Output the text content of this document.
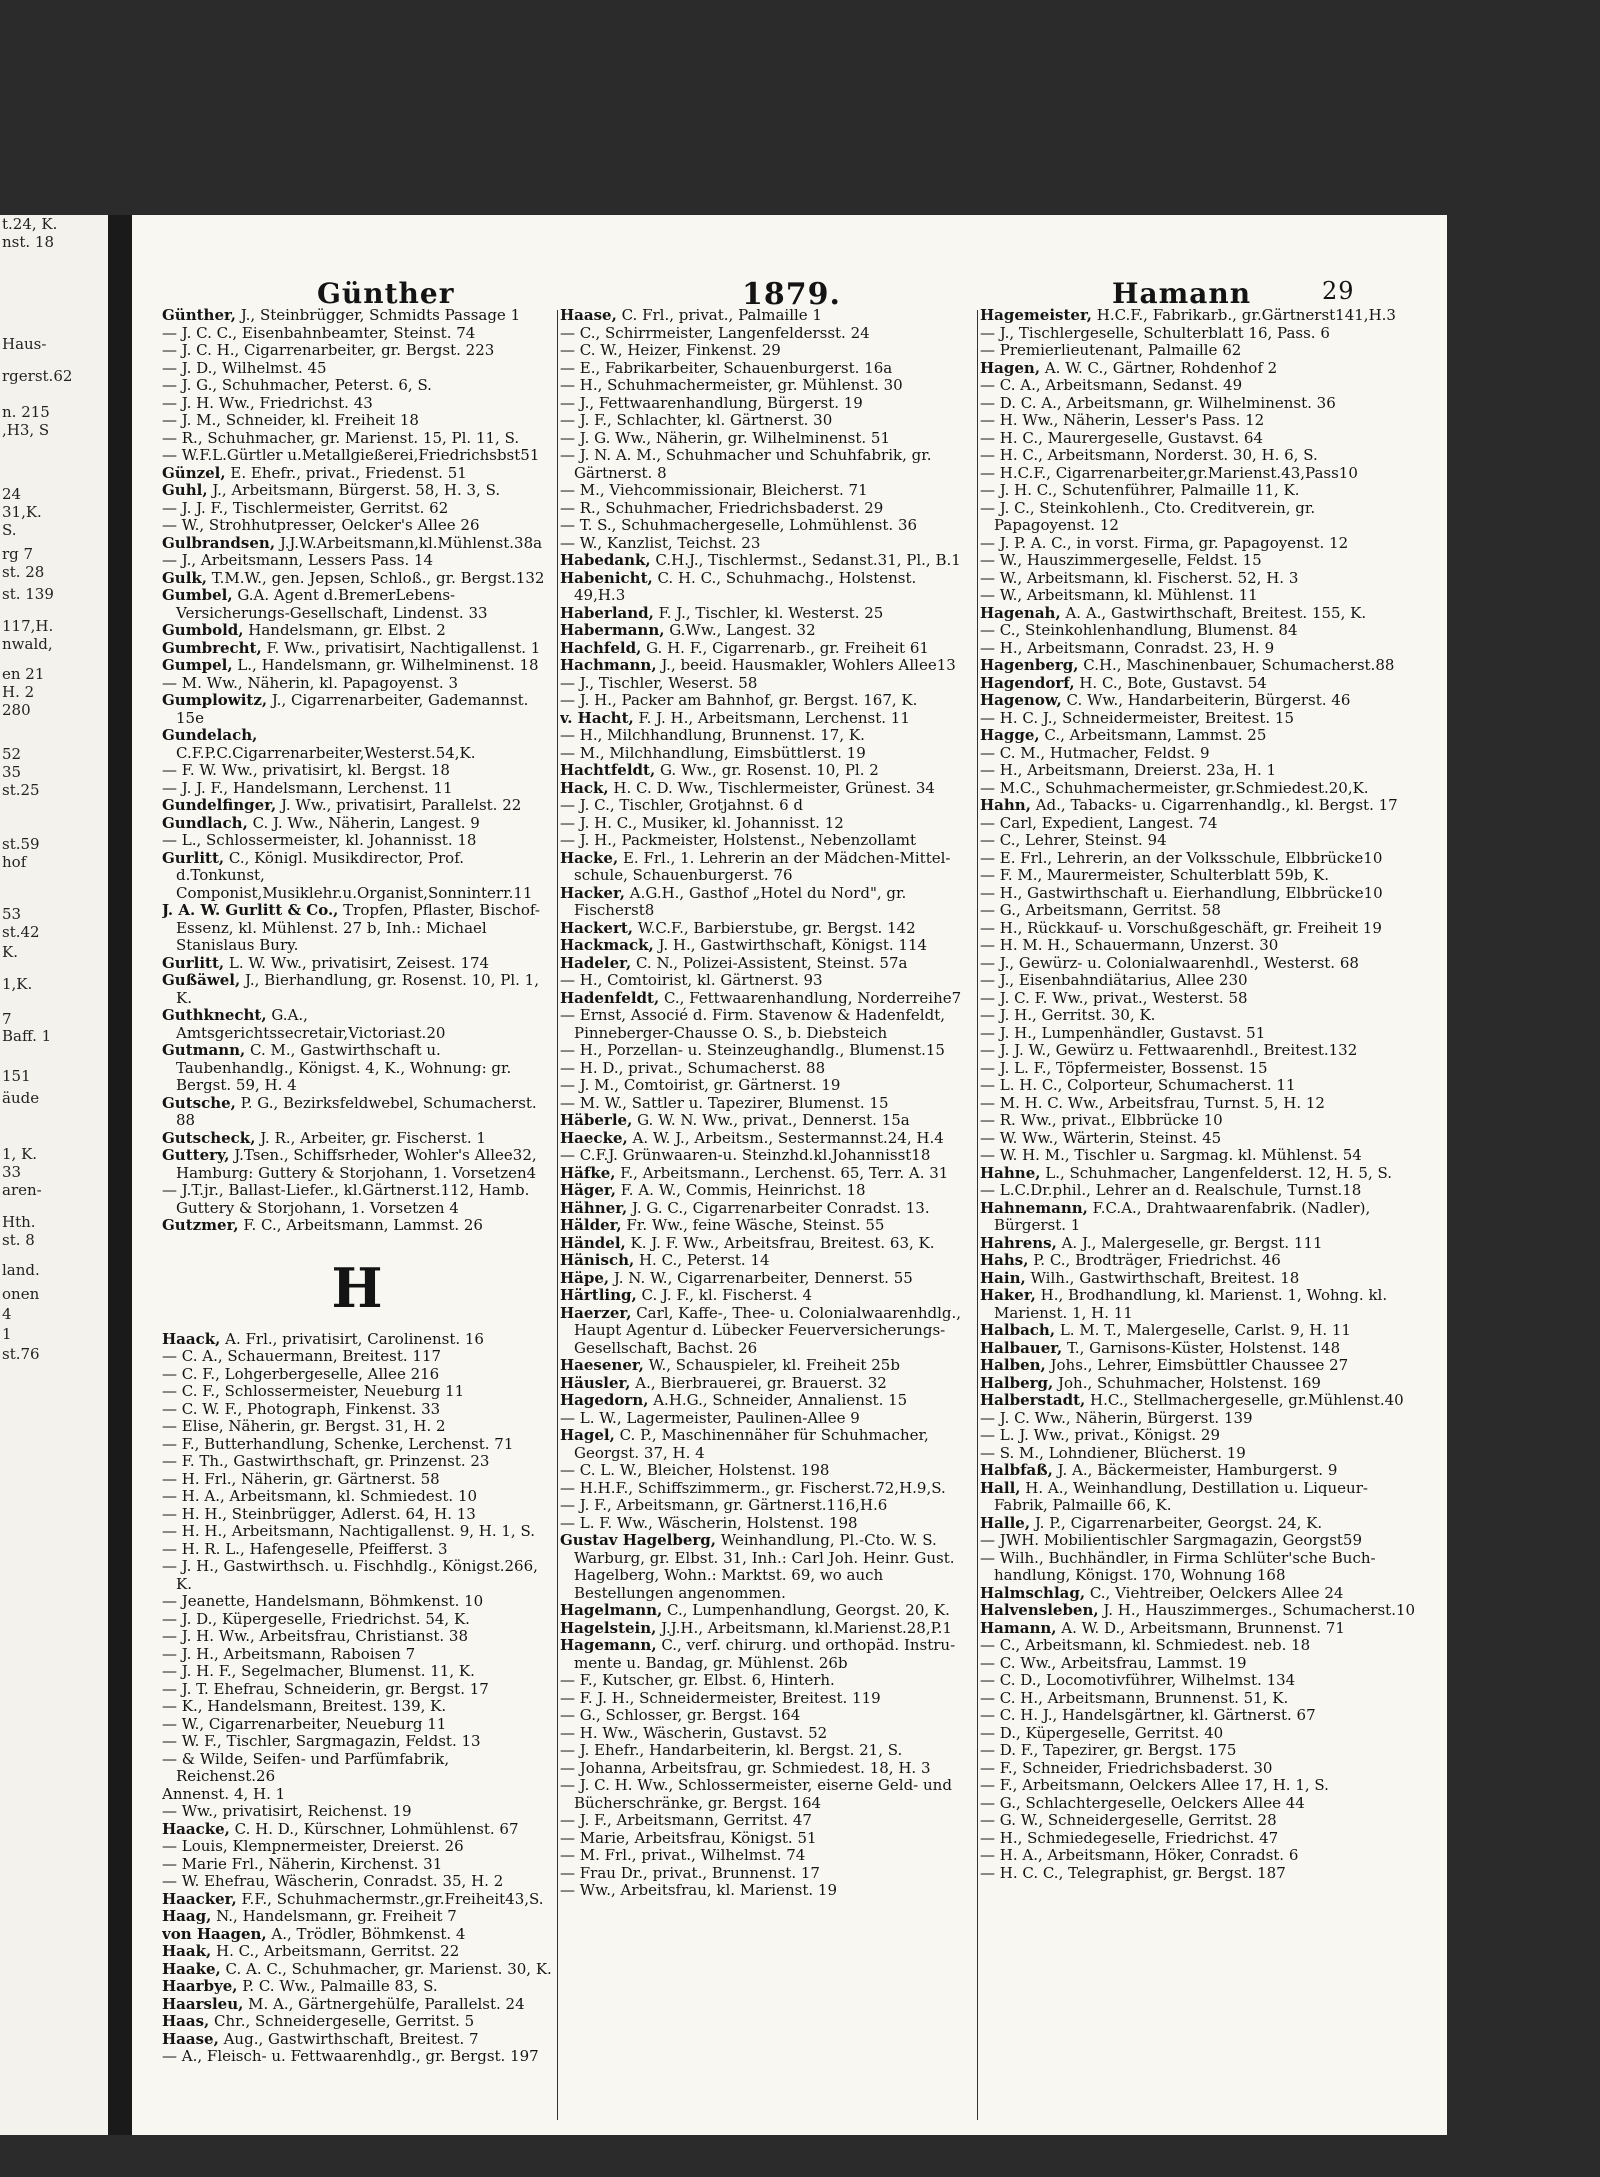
t.24, K.
nst. 18
Haus-
rgerst.62
n. 215
,H3, S
24
31,K.
S.
rg 7
st. 28
st. 139
117,H.
nwald,
en 21
H. 2
280
52
35
st.25
st.59
hof
53
st.42
K.
1,K.
7
Baff. 1
151
äude
1, K.
33
aren-
Hth.
st. 8
land.
onen
4
1
st.76
Günther	1879.	Hamann	29

Günther, J., Steinbrügger, Schmidts Passage 1

— J. C. C., Eisenbahnbeamter, Steinst. 74

— J. C. H., Cigarrenarbeiter, gr. Bergst. 223

— J. D., Wilhelmst. 45

— J. G., Schuhmacher, Peterst. 6, S.

— J. H. Ww., Friedrichst. 43

— J. M., Schneider, kl. Freiheit 18

— R., Schuhmacher, gr. Marienst. 15, Pl. 11, S.

— W.F.L.Gürtler u.Metallgießerei,Friedrichsbst51

Günzel, E. Ehefr., privat., Friedenst. 51

Guhl, J., Arbeitsmann, Bürgerst. 58, H. 3, S.

— J. J. F., Tischlermeister, Gerritst. 62

— W., Strohhutpresser, Oelcker's Allee 26

Gulbrandsen, J.J.W.Arbeitsmann,kl.Mühlenst.38a

— J., Arbeitsmann, Lessers Pass. 14

Gulk, T.M.W., gen. Jepsen, Schloß., gr. Bergst.132

Gumbel, G.A. Agent d.BremerLebens-Versicherungs-Gesellschaft, Lindenst. 33

Gumbold, Handelsmann, gr. Elbst. 2

Gumbrecht, F. Ww., privatisirt, Nachtigallenst. 1

Gumpel, L., Handelsmann, gr. Wilhelminenst. 18

— M. Ww., Näherin, kl. Papagoyenst. 3

Gumplowitz, J., Cigarrenarbeiter, Gademannst. 15e

Gundelach, C.F.P.C.Cigarrenarbeiter,Westerst.54,K.

— F. W. Ww., privatisirt, kl. Bergst. 18

— J. J. F., Handelsmann, Lerchenst. 11

Gundelfinger, J. Ww., privatisirt, Parallelst. 22

Gundlach, C. J. Ww., Näherin, Langest. 9

— L., Schlossermeister, kl. Johannisst. 18

Gurlitt, C., Königl. Musikdirector, Prof. d.Tonkunst, Componist,Musiklehr.u.Organist,Sonninterr.11

J. A. W. Gurlitt & Co., Tropfen, Pflaster, Bischof-Essenz, kl. Mühlenst. 27 b, Inh.: Michael Stanislaus Bury.

Gurlitt, L. W. Ww., privatisirt, Zeisest. 174

Gußäwel, J., Bierhandlung, gr. Rosenst. 10, Pl. 1, K.

Guthknecht, G.A., Amtsgerichtssecretair,Victoriast.20

Gutmann, C. M., Gastwirthschaft u. Taubenhandlg., Königst. 4, K., Wohnung: gr. Bergst. 59, H. 4

Gutsche, P. G., Bezirksfeldwebel, Schumacherst. 88

Gutscheck, J. R., Arbeiter, gr. Fischerst. 1

Guttery, J.Tsen., Schiffsrheder, Wohler's Allee32, Hamburg: Guttery & Storjohann, 1. Vorsetzen4

— J.T.jr., Ballast-Liefer., kl.Gärtnerst.112, Hamb. Guttery & Storjohann, 1. Vorsetzen 4

Gutzmer, F. C., Arbeitsmann, Lammst. 26

H

Haack, A. Frl., privatisirt, Carolinenst. 16

— C. A., Schauermann, Breitest. 117

— C. F., Lohgerbergeselle, Allee 216

— C. F., Schlossermeister, Neueburg 11

— C. W. F., Photograph, Finkenst. 33

— Elise, Näherin, gr. Bergst. 31, H. 2

— F., Butterhandlung, Schenke, Lerchenst. 71

— F. Th., Gastwirthschaft, gr. Prinzenst. 23

— H. Frl., Näherin, gr. Gärtnerst. 58

— H. A., Arbeitsmann, kl. Schmiedest. 10

— H. H., Steinbrügger, Adlerst. 64, H. 13

— H. H., Arbeitsmann, Nachtigallenst. 9, H. 1, S.

— H. R. L., Hafengeselle, Pfeifferst. 3

— J. H., Gastwirthsch. u. Fischhdlg., Königst.266, K.

— Jeanette, Handelsmann, Böhmkenst. 10

— J. D., Küpergeselle, Friedrichst. 54, K.

— J. H. Ww., Arbeitsfrau, Christianst. 38

— J. H., Arbeitsmann, Raboisen 7

— J. H. F., Segelmacher, Blumenst. 11, K.

— J. T. Ehefrau, Schneiderin, gr. Bergst. 17

— K., Handelsmann, Breitest. 139, K.

— W., Cigarrenarbeiter, Neueburg 11

— W. F., Tischler, Sargmagazin, Feldst. 13

— & Wilde, Seifen- und Parfümfabrik, Reichenst.26

Annenst. 4, H. 1

— Ww., privatisirt, Reichenst. 19

Haacke, C. H. D., Kürschner, Lohmühlenst. 67

— Louis, Klempnermeister, Dreierst. 26

— Marie Frl., Näherin, Kirchenst. 31

— W. Ehefrau, Wäscherin, Conradst. 35, H. 2

Haacker, F.F., Schuhmachermstr.,gr.Freiheit43,S.

Haag, N., Handelsmann, gr. Freiheit 7

von Haagen, A., Trödler, Böhmkenst. 4

Haak, H. C., Arbeitsmann, Gerritst. 22

Haake, C. A. C., Schuhmacher, gr. Marienst. 30, K.

Haarbye, P. C. Ww., Palmaille 83, S.

Haarsleu, M. A., Gärtnergehülfe, Parallelst. 24

Haas, Chr., Schneidergeselle, Gerritst. 5

Haase, Aug., Gastwirthschaft, Breitest. 7

— A., Fleisch- u. Fettwaarenhdlg., gr. Bergst. 197

Haase, C. Frl., privat., Palmaille 1

— C., Schirrmeister, Langenfeldersst. 24

— C. W., Heizer, Finkenst. 29

— E., Fabrikarbeiter, Schauenburgerst. 16a

— H., Schuhmachermeister, gr. Mühlenst. 30

— J., Fettwaarenhandlung, Bürgerst. 19

— J. F., Schlachter, kl. Gärtnerst. 30

— J. G. Ww., Näherin, gr. Wilhelminenst. 51

— J. N. A. M., Schuhmacher und Schuhfabrik, gr. Gärtnerst. 8

— M., Viehcommissionair, Bleicherst. 71

— R., Schuhmacher, Friedrichsbaderst. 29

— T. S., Schuhmachergeselle, Lohmühlenst. 36

— W., Kanzlist, Teichst. 23

Habedank, C.H.J., Tischlermst., Sedanst.31, Pl., B.1

Habenicht, C. H. C., Schuhmachg., Holstenst. 49,H.3

Haberland, F. J., Tischler, kl. Westerst. 25

Habermann, G.Ww., Langest. 32

Hachfeld, G. H. F., Cigarrenarb., gr. Freiheit 61

Hachmann, J., beeid. Hausmakler, Wohlers Allee13

— J., Tischler, Weserst. 58

— J. H., Packer am Bahnhof, gr. Bergst. 167, K.

v. Hacht, F. J. H., Arbeitsmann, Lerchenst. 11

— H., Milchhandlung, Brunnenst. 17, K.

— M., Milchhandlung, Eimsbüttlerst. 19

Hachtfeldt, G. Ww., gr. Rosenst. 10, Pl. 2

Hack, H. C. D. Ww., Tischlermeister, Grünest. 34

— J. C., Tischler, Grotjahnst. 6 d

— J. H. C., Musiker, kl. Johannisst. 12

— J. H., Packmeister, Holstenst., Nebenzollamt

Hacke, E. Frl., 1. Lehrerin an der Mädchen-Mittel- schule, Schauenburgerst. 76

Hacker, A.G.H., Gasthof „Hotel du Nord", gr. Fischerst8

Hackert, W.C.F., Barbierstube, gr. Bergst. 142

Hackmack, J. H., Gastwirthschaft, Königst. 114

Hadeler, C. N., Polizei-Assistent, Steinst. 57a

— H., Comtoirist, kl. Gärtnerst. 93

Hadenfeldt, C., Fettwaarenhandlung, Norderreihe7

— Ernst, Associé d. Firm. Stavenow & Hadenfeldt, Pinneberger-Chausse O. S., b. Diebsteich

— H., Porzellan- u. Steinzeughandlg., Blumenst.15

— H. D., privat., Schumacherst. 88

— J. M., Comtoirist, gr. Gärtnerst. 19

— M. W., Sattler u. Tapezirer, Blumenst. 15

Häberle, G. W. N. Ww., privat., Dennerst. 15a

Haecke, A. W. J., Arbeitsm., Sestermannst.24, H.4

— C.F.J. Grünwaaren-u. Steinzhd.kl.Johannisst18

Häfke, F., Arbeitsmann., Lerchenst. 65, Terr. A. 31

Häger, F. A. W., Commis, Heinrichst. 18

Hähner, J. G. C., Cigarrenarbeiter Conradst. 13.

Hälder, Fr. Ww., feine Wäsche, Steinst. 55

Händel, K. J. F. Ww., Arbeitsfrau, Breitest. 63, K.

Hänisch, H. C., Peterst. 14

Häpe, J. N. W., Cigarrenarbeiter, Dennerst. 55

Härtling, C. J. F., kl. Fischerst. 4

Haerzer, Carl, Kaffe-, Thee- u. Colonialwaarenhdlg., Haupt Agentur d. Lübecker Feuerversicherungs- Gesellschaft, Bachst. 26

Haesener, W., Schauspieler, kl. Freiheit 25b

Häusler, A., Bierbrauerei, gr. Brauerst. 32

Hagedorn, A.H.G., Schneider, Annalienst. 15

— L. W., Lagermeister, Paulinen-Allee 9

Hagel, C. P., Maschinennäher für Schuhmacher, Georgst. 37, H. 4

— C. L. W., Bleicher, Holstenst. 198

— H.H.F., Schiffszimmerm., gr. Fischerst.72,H.9,S.

— J. F., Arbeitsmann, gr. Gärtnerst.116,H.6

— L. F. Ww., Wäscherin, Holstenst. 198

Gustav Hagelberg, Weinhandlung, Pl.-Cto. W. S. Warburg, gr. Elbst. 31, Inh.: Carl Joh. Heinr. Gust. Hagelberg, Wohn.: Marktst. 69, wo auch Bestellungen angenommen.

Hagelmann, C., Lumpenhandlung, Georgst. 20, K.

Hagelstein, J.J.H., Arbeitsmann, kl.Marienst.28,P.1

Hagemann, C., verf. chirurg. und orthopäd. Instru- mente u. Bandag, gr. Mühlenst. 26b

— F., Kutscher, gr. Elbst. 6, Hinterh.

— F. J. H., Schneidermeister, Breitest. 119

— G., Schlosser, gr. Bergst. 164

— H. Ww., Wäscherin, Gustavst. 52

— J. Ehefr., Handarbeiterin, kl. Bergst. 21, S.

— Johanna, Arbeitsfrau, gr. Schmiedest. 18, H. 3

— J. C. H. Ww., Schlossermeister, eiserne Geld- und Bücherschränke, gr. Bergst. 164

— J. F., Arbeitsmann, Gerritst. 47

— Marie, Arbeitsfrau, Königst. 51

— M. Frl., privat., Wilhelmst. 74

— Frau Dr., privat., Brunnenst. 17

— Ww., Arbeitsfrau, kl. Marienst. 19

Hagemeister, H.C.F., Fabrikarb., gr.Gärtnerst141,H.3

— J., Tischlergeselle, Schulterblatt 16, Pass. 6

— Premierlieutenant, Palmaille 62

Hagen, A. W. C., Gärtner, Rohdenhof 2

— C. A., Arbeitsmann, Sedanst. 49

— D. C. A., Arbeitsmann, gr. Wilhelminenst. 36

— H. Ww., Näherin, Lesser's Pass. 12

— H. C., Maurergeselle, Gustavst. 64

— H. C., Arbeitsmann, Norderst. 30, H. 6, S.

— H.C.F., Cigarrenarbeiter,gr.Marienst.43,Pass10

— J. H. C., Schutenführer, Palmaille 11, K.

— J. C., Steinkohlenh., Cto. Creditverein, gr. Papagoyenst. 12

— J. P. A. C., in vorst. Firma, gr. Papagoyenst. 12

— W., Hauszimmergeselle, Feldst. 15

— W., Arbeitsmann, kl. Fischerst. 52, H. 3

— W., Arbeitsmann, kl. Mühlenst. 11

Hagenah, A. A., Gastwirthschaft, Breitest. 155, K.

— C., Steinkohlenhandlung, Blumenst. 84

— H., Arbeitsmann, Conradst. 23, H. 9

Hagenberg, C.H., Maschinenbauer, Schumacherst.88

Hagendorf, H. C., Bote, Gustavst. 54

Hagenow, C. Ww., Handarbeiterin, Bürgerst. 46

— H. C. J., Schneidermeister, Breitest. 15

Hagge, C., Arbeitsmann, Lammst. 25

— C. M., Hutmacher, Feldst. 9

— H., Arbeitsmann, Dreierst. 23a, H. 1

— M.C., Schuhmachermeister, gr.Schmiedest.20,K.

Hahn, Ad., Tabacks- u. Cigarrenhandlg., kl. Bergst. 17

— Carl, Expedient, Langest. 74

— C., Lehrer, Steinst. 94

— E. Frl., Lehrerin, an der Volksschule, Elbbrücke10

— F. M., Maurermeister, Schulterblatt 59b, K.

— H., Gastwirthschaft u. Eierhandlung, Elbbrücke10

— G., Arbeitsmann, Gerritst. 58

— H., Rückkauf- u. Vorschußgeschäft, gr. Freiheit 19

— H. M. H., Schauermann, Unzerst. 30

— J., Gewürz- u. Colonialwaarenhdl., Westerst. 68

— J., Eisenbahndiätarius, Allee 230

— J. C. F. Ww., privat., Westerst. 58

— J. H., Gerritst. 30, K.

— J. H., Lumpenhändler, Gustavst. 51

— J. J. W., Gewürz u. Fettwaarenhdl., Breitest.132

— J. L. F., Töpfermeister, Bossenst. 15

— L. H. C., Colporteur, Schumacherst. 11

— M. H. C. Ww., Arbeitsfrau, Turnst. 5, H. 12

— R. Ww., privat., Elbbrücke 10

— W. Ww., Wärterin, Steinst. 45

— W. H. M., Tischler u. Sargmag. kl. Mühlenst. 54

Hahne, L., Schuhmacher, Langenfelderst. 12, H. 5, S.

— L.C.Dr.phil., Lehrer an d. Realschule, Turnst.18

Hahnemann, F.C.A., Drahtwaarenfabrik. (Nadler), Bürgerst. 1

Hahrens, A. J., Malergeselle, gr. Bergst. 111

Hahs, P. C., Brodträger, Friedrichst. 46

Hain, Wilh., Gastwirthschaft, Breitest. 18

Haker, H., Brodhandlung, kl. Marienst. 1, Wohng. kl. Marienst. 1, H. 11

Halbach, L. M. T., Malergeselle, Carlst. 9, H. 11

Halbauer, T., Garnisons-Küster, Holstenst. 148

Halben, Johs., Lehrer, Eimsbüttler Chaussee 27

Halberg, Joh., Schuhmacher, Holstenst. 169

Halberstadt, H.C., Stellmachergeselle, gr.Mühlenst.40

— J. C. Ww., Näherin, Bürgerst. 139

— L. J. Ww., privat., Königst. 29

— S. M., Lohndiener, Blücherst. 19

Halbfaß, J. A., Bäckermeister, Hamburgerst. 9

Hall, H. A., Weinhandlung, Destillation u. Liqueur- Fabrik, Palmaille 66, K.

Halle, J. P., Cigarrenarbeiter, Georgst. 24, K.

— JWH. Mobilientischler Sargmagazin, Georgst59

— Wilh., Buchhändler, in Firma Schlüter'sche Buch- handlung, Königst. 170, Wohnung 168

Halmschlag, C., Viehtreiber, Oelckers Allee 24

Halvensleben, J. H., Hauszimmerges., Schumacherst.10

Hamann, A. W. D., Arbeitsmann, Brunnenst. 71

— C., Arbeitsmann, kl. Schmiedest. neb. 18

— C. Ww., Arbeitsfrau, Lammst. 19

— C. D., Locomotivführer, Wilhelmst. 134

— C. H., Arbeitsmann, Brunnenst. 51, K.

— C. H. J., Handelsgärtner, kl. Gärtnerst. 67

— D., Küpergeselle, Gerritst. 40

— D. F., Tapezirer, gr. Bergst. 175

— F., Schneider, Friedrichsbaderst. 30

— F., Arbeitsmann, Oelckers Allee 17, H. 1, S.

— G., Schlachtergeselle, Oelckers Allee 44

— G. W., Schneidergeselle, Gerritst. 28

— H., Schmiedegeselle, Friedrichst. 47

— H. A., Arbeitsmann, Höker, Conradst. 6

— H. C. C., Telegraphist, gr. Bergst. 187
